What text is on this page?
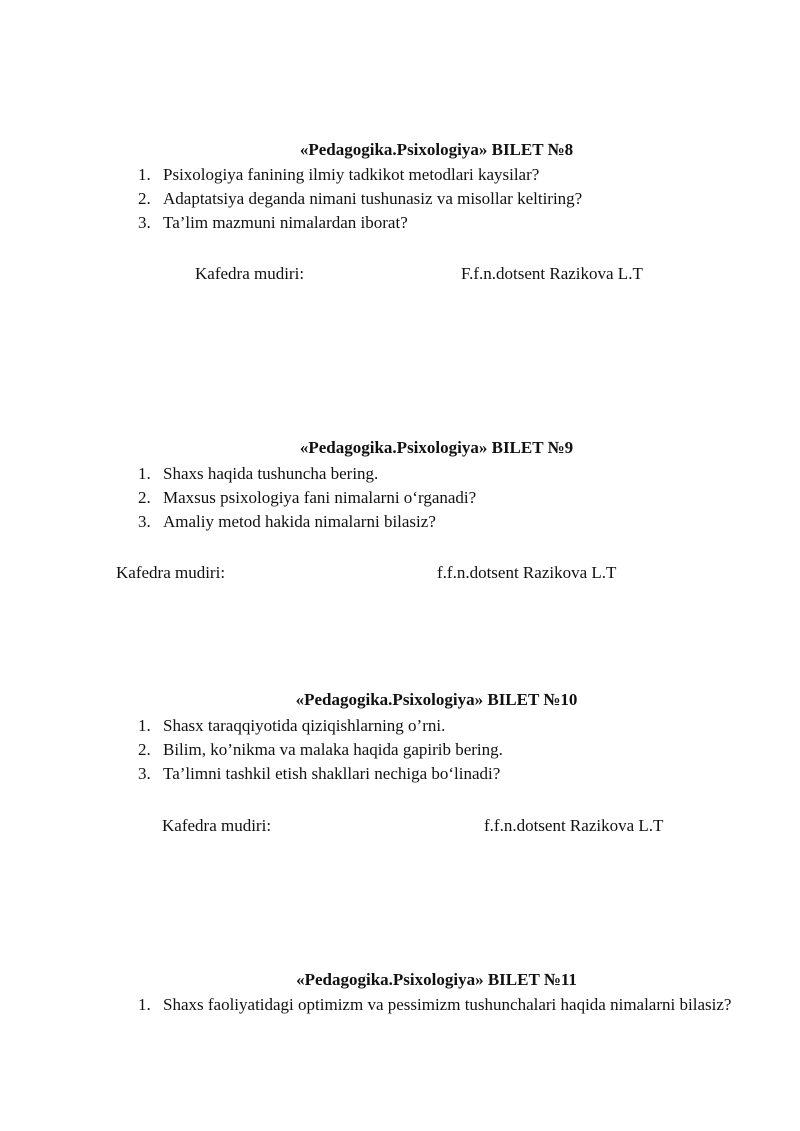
«Pedagogika.Psixologiya» BILET №8
1. Psixologiya fanining ilmiy tadkikot metodlari kaysilar?
2. Adaptatsiya deganda nimani tushunasiz va misollar keltiring?
3. Ta’lim mazmuni nimalardan iborat?
Kafedra mudiri:	F.f.n.dotsent Razikova L.T
«Pedagogika.Psixologiya» BILET №9
1. Shaxs haqida tushuncha bering.
2. Maxsus psixologiya fani nimalarni o‘rganadi?
3. Amaliy metod hakida nimalarni bilasiz?
Kafedra mudiri:	f.f.n.dotsent Razikova L.T
«Pedagogika.Psixologiya» BILET №10
1. Shasx taraqqiyotida qiziqishlarning o’rni.
2. Bilim, ko’nikma va malaka haqida gapirib bering.
3. Ta’limni tashkil etish shakllari nechiga bo‘linadi?
Kafedra mudiri:	f.f.n.dotsent Razikova L.T
«Pedagogika.Psixologiya» BILET №11
1. Shaxs faoliyatidagi optimizm va pessimizm tushunchalari haqida nimalarni bilasiz?
